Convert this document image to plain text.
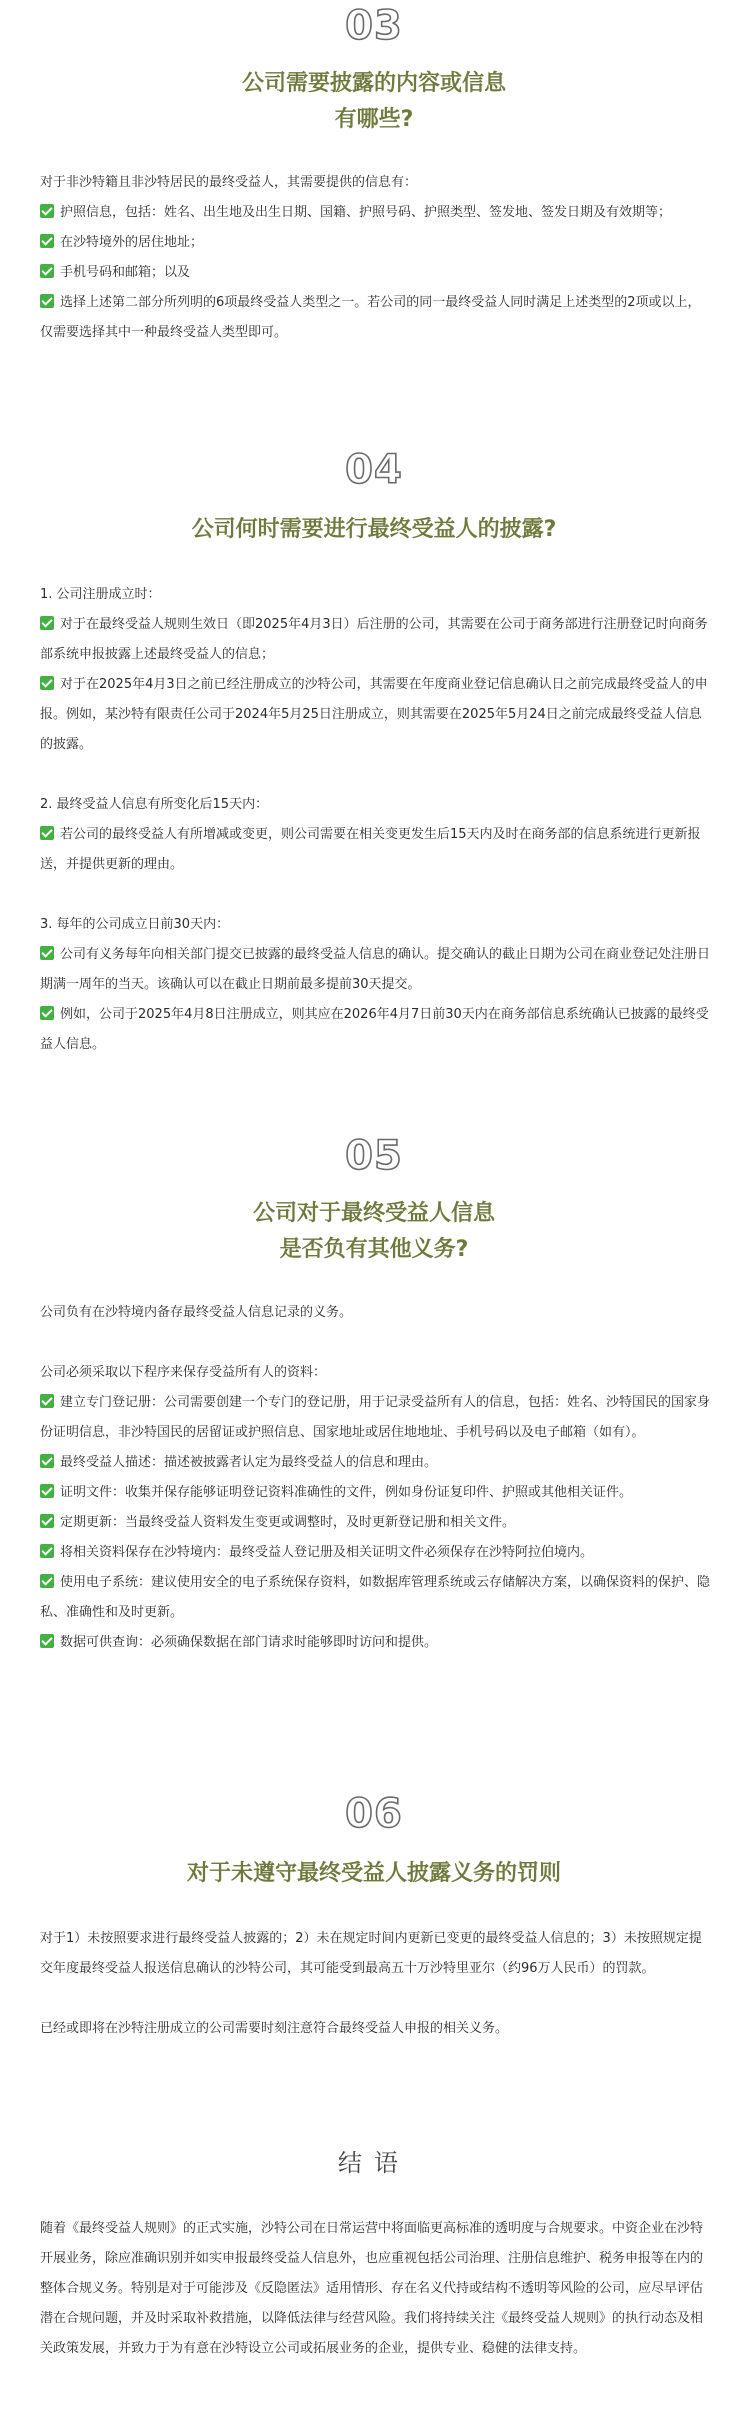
03
公司需要披露的内容或信息
有哪些?

对于非沙特籍且非沙特居民的最终受益人，其需要提供的信息有：

护照信息，包括：姓名、出生地及出生日期、国籍、护照号码、护照类型、签发地、签发日期及有效期等；

在沙特境外的居住地址；

手机号码和邮箱；以及

选择上述第二部分所列明的6项最终受益人类型之一。若公司的同一最终受益人同时满足上述类型的2项或以上，仅需要选择其中一种最终受益人类型即可。

04
公司何时需要进行最终受益人的披露?

1. 公司注册成立时：

对于在最终受益人规则生效日（即2025年4月3日）后注册的公司，其需要在公司于商务部进行注册登记时向商务部系统申报披露上述最终受益人的信息；

对于在2025年4月3日之前已经注册成立的沙特公司，其需要在年度商业登记信息确认日之前完成最终受益人的申报。例如，某沙特有限责任公司于2024年5月25日注册成立，则其需要在2025年5月24日之前完成最终受益人信息的披露。

2. 最终受益人信息有所变化后15天内：

若公司的最终受益人有所增减或变更，则公司需要在相关变更发生后15天内及时在商务部的信息系统进行更新报送，并提供更新的理由。

3. 每年的公司成立日前30天内：

公司有义务每年向相关部门提交已披露的最终受益人信息的确认。提交确认的截止日期为公司在商业登记处注册日期满一周年的当天。该确认可以在截止日期前最多提前30天提交。

例如，公司于2025年4月8日注册成立，则其应在2026年4月7日前30天内在商务部信息系统确认已披露的最终受益人信息。

05
公司对于最终受益人信息
是否负有其他义务?

公司负有在沙特境内备存最终受益人信息记录的义务。

公司必须采取以下程序来保存受益所有人的资料：

建立专门登记册：公司需要创建一个专门的登记册，用于记录受益所有人的信息，包括：姓名、沙特国民的国家身份证明信息，非沙特国民的居留证或护照信息、国家地址或居住地地址、手机号码以及电子邮箱（如有）。

最终受益人描述：描述被披露者认定为最终受益人的信息和理由。

证明文件：收集并保存能够证明登记资料准确性的文件，例如身份证复印件、护照或其他相关证件。

定期更新：当最终受益人资料发生变更或调整时，及时更新登记册和相关文件。

将相关资料保存在沙特境内：最终受益人登记册及相关证明文件必须保存在沙特阿拉伯境内。

使用电子系统：建议使用安全的电子系统保存资料，如数据库管理系统或云存储解决方案，以确保资料的保护、隐私、准确性和及时更新。

数据可供查询：必须确保数据在部门请求时能够即时访问和提供。

06
对于未遵守最终受益人披露义务的罚则

对于1）未按照要求进行最终受益人披露的；2）未在规定时间内更新已变更的最终受益人信息的；3）未按照规定提交年度最终受益人报送信息确认的沙特公司，其可能受到最高五十万沙特里亚尔（约96万人民币）的罚款。

已经或即将在沙特注册成立的公司需要时刻注意符合最终受益人申报的相关义务。

结语

随着《最终受益人规则》的正式实施，沙特公司在日常运营中将面临更高标准的透明度与合规要求。中资企业在沙特开展业务，除应准确识别并如实申报最终受益人信息外，也应重视包括公司治理、注册信息维护、税务申报等在内的整体合规义务。特别是对于可能涉及《反隐匿法》适用情形、存在名义代持或结构不透明等风险的公司，应尽早评估潜在合规问题，并及时采取补救措施，以降低法律与经营风险。我们将持续关注《最终受益人规则》的执行动态及相关政策发展，并致力于为有意在沙特设立公司或拓展业务的企业，提供专业、稳健的法律支持。
